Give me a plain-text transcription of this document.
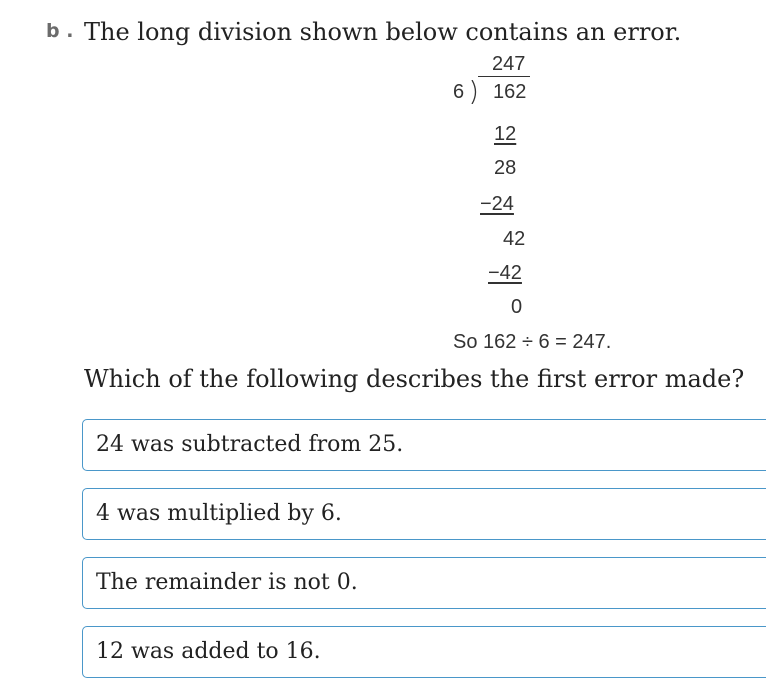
b . The long division shown below contains an error.
247
6 162
12
28
−24
42
−42
0
So 162 ÷ 6 = 247.
Which of the following describes the first error made?
24 was subtracted from 25.
4 was multiplied by 6.
The remainder is not 0.
12 was added to 16.
